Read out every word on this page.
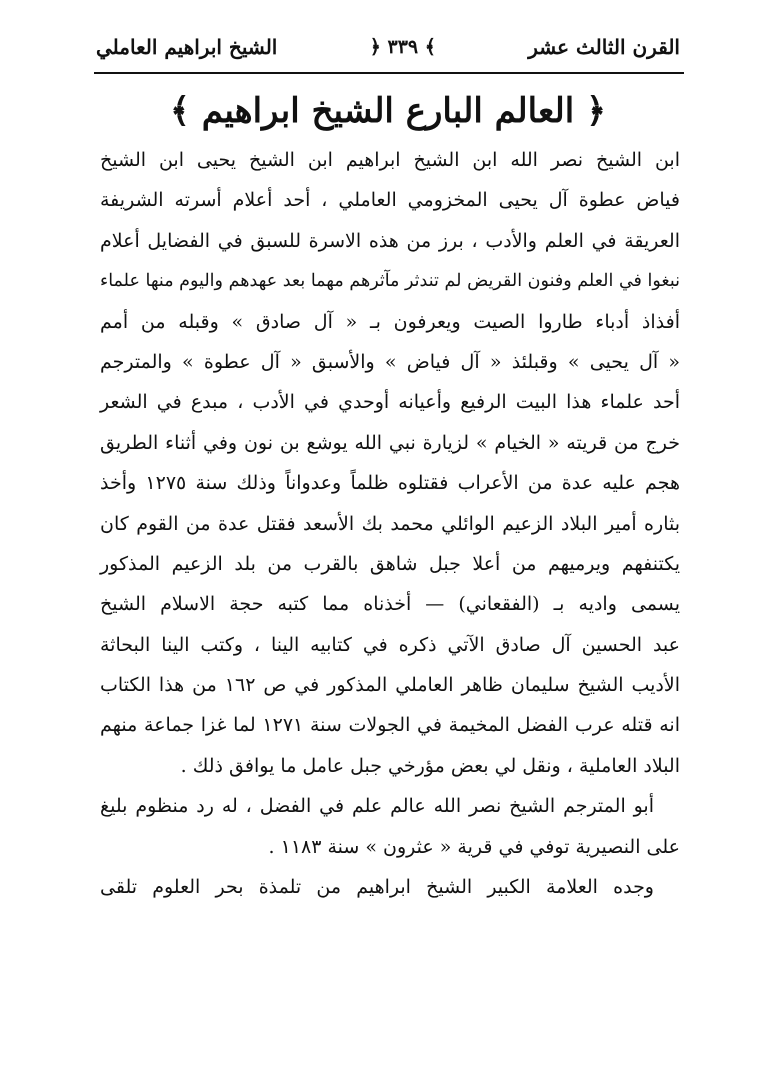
القرن الثالث عشر
﴾ ٣٣٩ ﴿
الشيخ ابراهيم العاملي
﴿ العالم البارع الشيخ ابراهيم ﴾
ابن الشيخ نصر الله ابن الشيخ ابراهيم ابن الشيخ يحيى ابن الشيخ
فياض عطوة آل يحيى المخزومي العاملي ، أحد أعلام أسرته الشريفة
العريقة في العلم والأدب ، برز من هذه الاسرة للسبق في الفضايل أعلام
نبغوا في العلم وفنون القريض لم تندثر مآثرهم مهما بعد عهدهم واليوم منها علماء
أفذاذ أدباء طاروا الصيت ويعرفون بـ « آل صادق » وقبله من أمم
« آل يحيى » وقبلئذ « آل فياض » والأسبق « آل عطوة » والمترجم
أحد علماء هذا البيت الرفيع وأعيانه أوحدي في الأدب ، مبدع في الشعر
خرج من قريته « الخيام » لزيارة نبي الله يوشع بن نون وفي أثناء الطريق
هجم عليه عدة من الأعراب فقتلوه ظلماً وعدواناً وذلك سنة ١٢٧٥ وأخذ
بثاره أمير البلاد الزعيم الوائلي محمد بك الأسعد فقتل عدة من القوم كان
يكتنفهم ويرميهم من أعلا جبل شاهق بالقرب من بلد الزعيم المذكور
يسمى واديه بـ (الفقعاني) — أخذناه مما كتبه حجة الاسلام الشيخ
عبد الحسين آل صادق الآتي ذكره في كتابيه الينا ، وكتب الينا البحاثة
الأديب الشيخ سليمان ظاهر العاملي المذكور في ص ١٦٢ من هذا الكتاب
انه قتله عرب الفضل المخيمة في الجولات سنة ١٢٧١ لما غزا جماعة منهم
البلاد العاملية ، ونقل لي بعض مؤرخي جبل عامل ما يوافق ذلك .
أبو المترجم الشيخ نصر الله عالم علم في الفضل ، له رد منظوم بليغ
على النصيرية توفي في قرية « عثرون » سنة ١١٨٣ .
وجده العلامة الكبير الشيخ ابراهيم من تلمذة بحر العلوم تلقى
